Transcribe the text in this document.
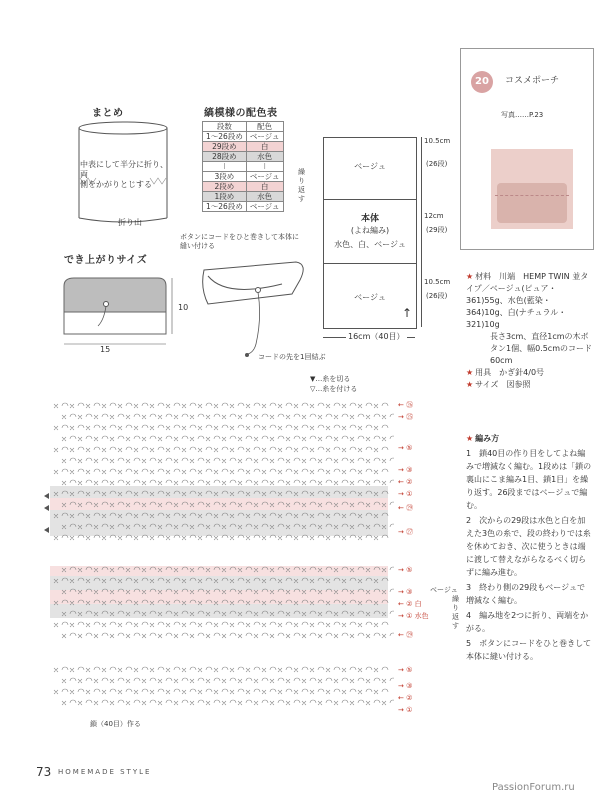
まとめ
中表にして半分に折り、両
側をかがりとじする
折り山
でき上がりサイズ
15
10
縞模様の配色表
段数	配色
1〜26段め	ベージュ
29段め	白
28段め	水色
⁝	⁝
3段め	ベージュ
2段め	白
1段め	水色
1〜26段め	ベージュ
繰り返す
ボタンにコードをひと巻きして本体に
縫い付ける
コードの先を1回結ぶ
ベージュ
本体
(よね編み)
水色、白、ベージュ
ベージュ
↑
10.5cm
(26段)
12cm
(29段)
10.5cm
(26段)
16cm（40目）
20	コスメポーチ
写真……P.23
★ 材料　 川端　HEMP TWIN 並タイプ／ベージュ(ピュア・361)55g、水色(藍染・364)10g、白(ナチュラル・321)10g
長さ3cm、直径1cmの木ボタン1個、幅0.5cmのコード60cm
★ 用具　 かぎ針4/0号
★ サイズ　 図参照
★ 編み方
1　鎖40目の作り目をしてよね編みで増減なく編む。1段めは「鎖の裏山にこま編み1目、鎖1目」を繰り返す。26段まではベージュで編む。
2　次からの29段は水色と白を加えた3色の糸で、段の終わりでは糸を休めておき、次に使うときは端に渡して替えながらなるべく切らずに編み進む。
3　終わり側の29段もベージュで増減なく編む。
4　編み地を2つに折り、両端をかがる。
5　ボタンにコードをひと巻きして本体に縫い付ける。
▼…糸を切る
▽…糸を付ける
← ㉖
→ ㉕
→ ⑤
→ ③
← ②
→ ①
← ㉙
→ ㉗
→ ⑤
→ ③
← ② 白
→ ① 水色
ベージュ
繰り返す
← ㉙
→ ⑤
→ ③
← ②
→ ①
鎖（40目）作る
73 HOMEMADE STYLE
PassionForum.ru
